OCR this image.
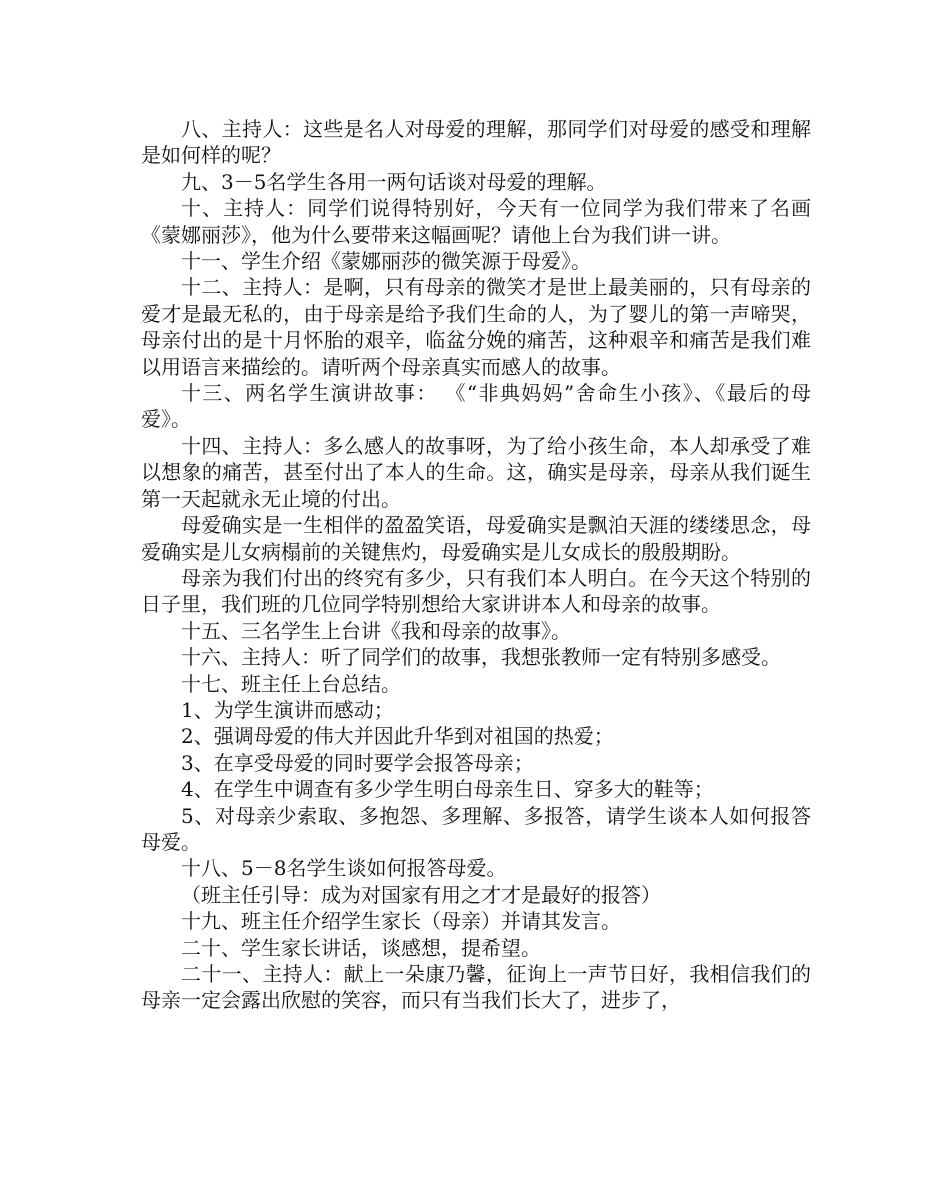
八、主持人：这些是名人对母爱的理解，那同学们对母爱的感受和理解是如何样的呢？

九、3－5名学生各用一两句话谈对母爱的理解。

十、主持人：同学们说得特别好，今天有一位同学为我们带来了名画《蒙娜丽莎》，他为什么要带来这幅画呢？请他上台为我们讲一讲。

十一、学生介绍《蒙娜丽莎的微笑源于母爱》。

十二、主持人：是啊，只有母亲的微笑才是世上最美丽的，只有母亲的爱才是最无私的，由于母亲是给予我们生命的人，为了婴儿的第一声啼哭，母亲付出的是十月怀胎的艰辛，临盆分娩的痛苦，这种艰辛和痛苦是我们难以用语言来描绘的。请听两个母亲真实而感人的故事。

十三、两名学生演讲故事： 《“非典妈妈”舍命生小孩》、《最后的母爱》。

十四、主持人：多么感人的故事呀，为了给小孩生命，本人却承受了难以想象的痛苦，甚至付出了本人的生命。这，确实是母亲，母亲从我们诞生第一天起就永无止境的付出。

母爱确实是一生相伴的盈盈笑语，母爱确实是飘泊天涯的缕缕思念，母爱确实是儿女病榻前的关键焦灼，母爱确实是儿女成长的殷殷期盼。

母亲为我们付出的终究有多少，只有我们本人明白。在今天这个特别的日子里，我们班的几位同学特别想给大家讲讲本人和母亲的故事。

十五、三名学生上台讲《我和母亲的故事》。

十六、主持人：听了同学们的故事，我想张教师一定有特别多感受。

十七、班主任上台总结。

1、为学生演讲而感动；

2、强调母爱的伟大并因此升华到对祖国的热爱；

3、在享受母爱的同时要学会报答母亲；

4、在学生中调查有多少学生明白母亲生日、穿多大的鞋等；

5、对母亲少索取、多抱怨、多理解、多报答，请学生谈本人如何报答母爱。

十八、5－8名学生谈如何报答母爱。

（班主任引导：成为对国家有用之才才是最好的报答）

十九、班主任介绍学生家长（母亲）并请其发言。

二十、学生家长讲话，谈感想，提希望。

二十一、主持人：献上一朵康乃馨，征询上一声节日好，我相信我们的母亲一定会露出欣慰的笑容，而只有当我们长大了，进步了，
